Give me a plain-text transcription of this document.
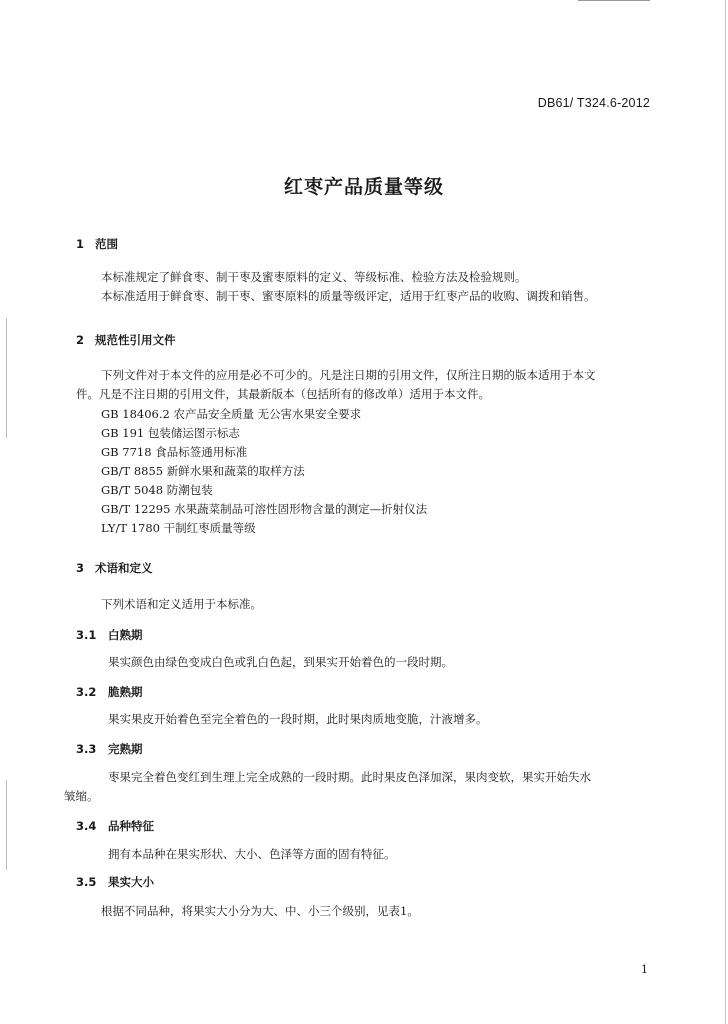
DB61/ T324.6-2012
红枣产品质量等级
1 范围
本标准规定了鲜食枣、制干枣及蜜枣原料的定义、等级标准、检验方法及检验规则。
本标准适用于鲜食枣、制干枣、蜜枣原料的质量等级评定，适用于红枣产品的收购、调拨和销售。
2 规范性引用文件
下列文件对于本文件的应用是必不可少的。凡是注日期的引用文件，仅所注日期的版本适用于本文
件。凡是不注日期的引用文件，其最新版本（包括所有的修改单）适用于本文件。
GB 18406.2 农产品安全质量 无公害水果安全要求
GB 191 包装储运图示标志
GB 7718 食品标签通用标准
GB/T 8855 新鲜水果和蔬菜的取样方法
GB/T 5048 防潮包装
GB/T 12295 水果蔬菜制品可溶性固形物含量的测定—折射仪法
LY/T 1780 干制红枣质量等级
3 术语和定义
下列术语和定义适用于本标准。
3.1 白熟期
果实颜色由绿色变成白色或乳白色起，到果实开始着色的一段时期。
3.2 脆熟期
果实果皮开始着色至完全着色的一段时期，此时果肉质地变脆，汁液增多。
3.3 完熟期
枣果完全着色变红到生理上完全成熟的一段时期。此时果皮色泽加深，果肉变软，果实开始失水
皱缩。
3.4 品种特征
拥有本品种在果实形状、大小、色泽等方面的固有特征。
3.5 果实大小
根据不同品种，将果实大小分为大、中、小三个级别，见表1。
1
